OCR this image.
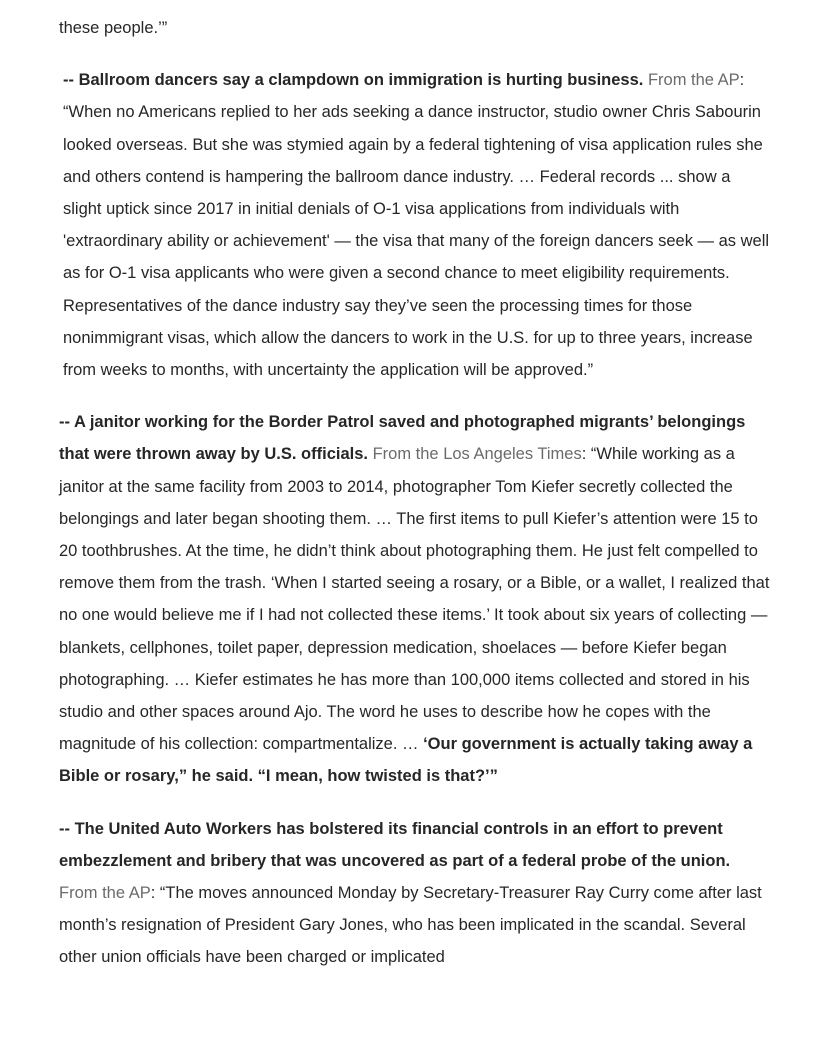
these people.’”

-- Ballroom dancers say a clampdown on immigration is hurting business. From the AP: “When no Americans replied to her ads seeking a dance instructor, studio owner Chris Sabourin looked overseas. But she was stymied again by a federal tightening of visa application rules she and others contend is hampering the ballroom dance industry. … Federal records ... show a slight uptick since 2017 in initial denials of O-1 visa applications from individuals with 'extraordinary ability or achievement' — the visa that many of the foreign dancers seek — as well as for O-1 visa applicants who were given a second chance to meet eligibility requirements. Representatives of the dance industry say they’ve seen the processing times for those nonimmigrant visas, which allow the dancers to work in the U.S. for up to three years, increase from weeks to months, with uncertainty the application will be approved.”

-- A janitor working for the Border Patrol saved and photographed migrants’ belongings that were thrown away by U.S. officials. From the Los Angeles Times: “While working as a janitor at the same facility from 2003 to 2014, photographer Tom Kiefer secretly collected the belongings and later began shooting them. … The first items to pull Kiefer’s attention were 15 to 20 toothbrushes. At the time, he didn’t think about photographing them. He just felt compelled to remove them from the trash. ‘When I started seeing a rosary, or a Bible, or a wallet, I realized that no one would believe me if I had not collected these items.’ It took about six years of collecting — blankets, cellphones, toilet paper, depression medication, shoelaces — before Kiefer began photographing. … Kiefer estimates he has more than 100,000 items collected and stored in his studio and other spaces around Ajo. The word he uses to describe how he copes with the magnitude of his collection: compartmentalize. … ‘Our government is actually taking away a Bible or rosary,” he said. “I mean, how twisted is that?’”

-- The United Auto Workers has bolstered its financial controls in an effort to prevent embezzlement and bribery that was uncovered as part of a federal probe of the union. From the AP: “The moves announced Monday by Secretary-Treasurer Ray Curry come after last month’s resignation of President Gary Jones, who has been implicated in the scandal. Several other union officials have been charged or implicated
